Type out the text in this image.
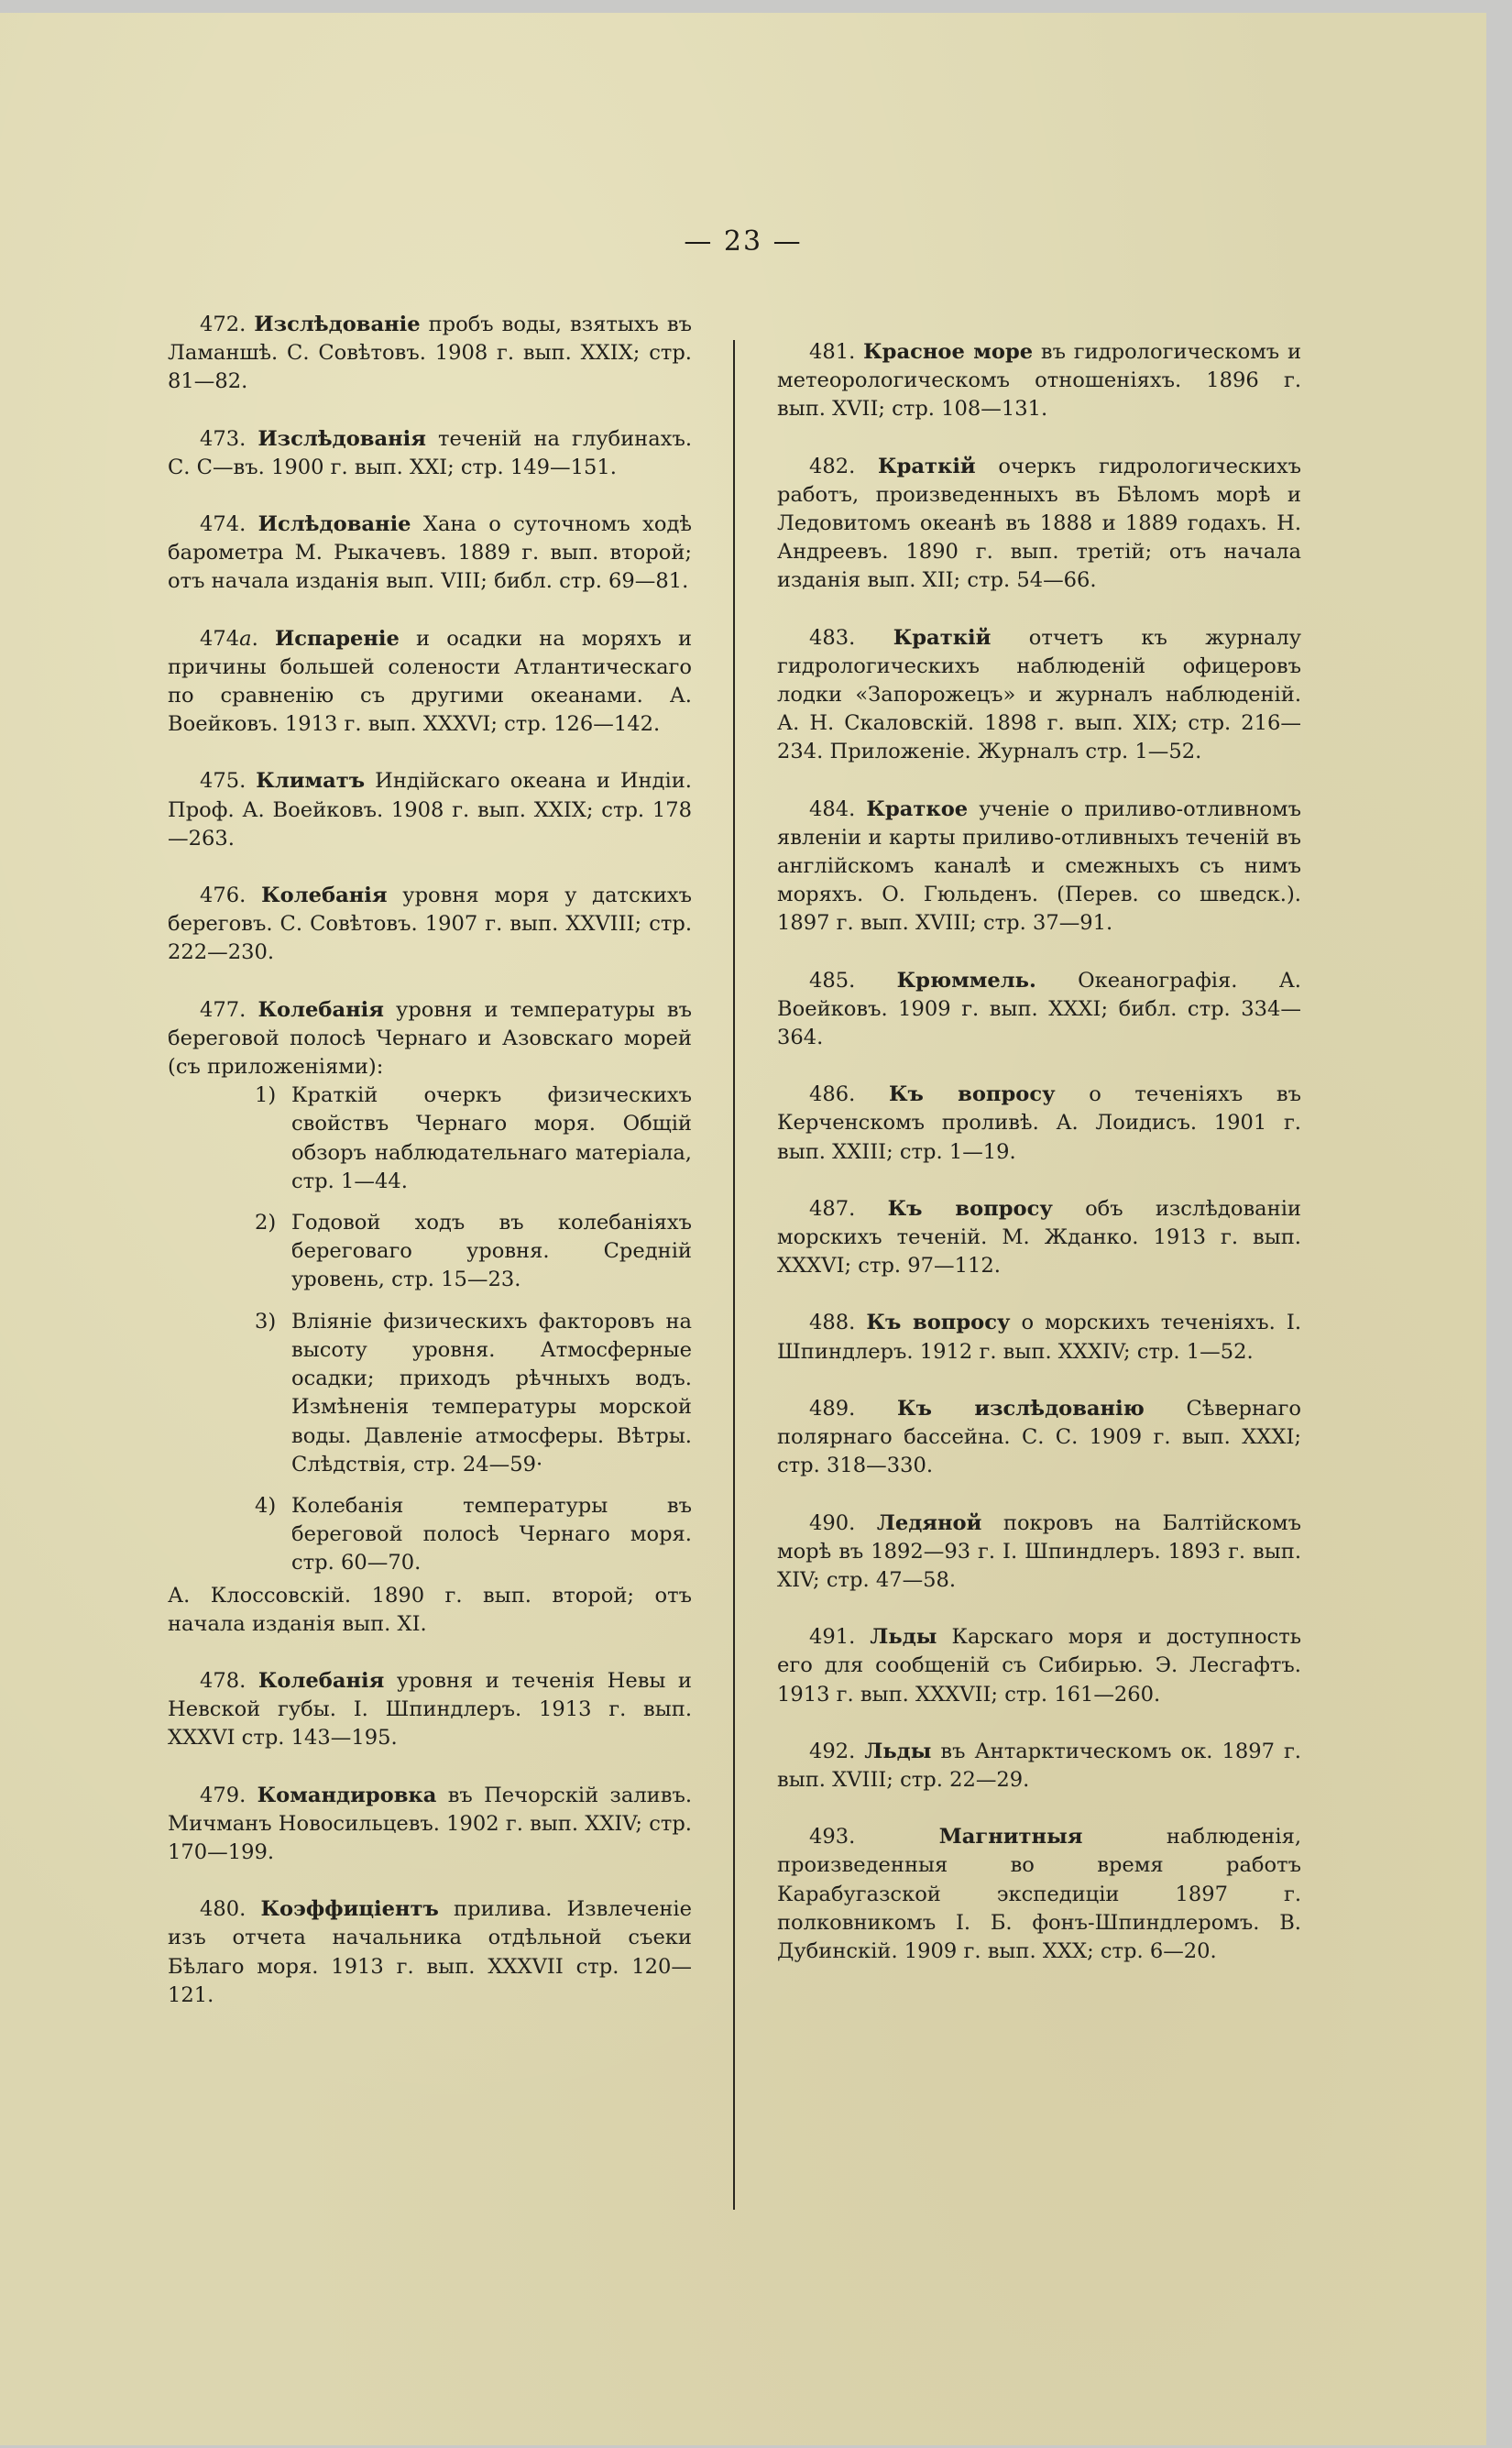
— 23 —
472. Изслѣдованіе пробъ воды, взятыхъ въ Ламаншѣ. С. Совѣтовъ. 1908 г. вып. XXIX; стр. 81—82.
473. Изслѣдованія теченій на глубинахъ. С. С—въ. 1900 г. вып. XXI; стр. 149—151.
474. Ислѣдованіе Хана о суточномъ ходѣ барометра М. Рыкачевъ. 1889 г. вып. второй; отъ начала изданія вып. VIII; библ. стр. 69—81.
474a. Испареніе и осадки на моряхъ и причины большей солености Атлантическаго по сравненію съ другими океанами. А. Воейковъ. 1913 г. вып. XXXVI; стр. 126—142.
475. Климатъ Индійскаго океана и Индіи. Проф. А. Воейковъ. 1908 г. вып. XXIX; стр. 178—263.
476. Колебанія уровня моря у датскихъ береговъ. С. Совѣтовъ. 1907 г. вып. XXVIII; стр. 222—230.
477. Колебанія уровня и температуры въ береговой полосѣ Чернаго и Азовскаго морей (съ приложеніями):
1) Краткій очеркъ физическихъ свойствъ Чернаго моря. Общій обзоръ наблюдательнаго матеріала, стр. 1—44.
2) Годовой ходъ въ колебаніяхъ береговаго уровня. Средній уровень, стр. 15—23.
3) Вліяніе физическихъ факторовъ на высоту уровня. Атмосферные осадки; приходъ рѣчныхъ водъ. Измѣненія температуры морской воды. Давленіе атмосферы. Вѣтры. Слѣдствія, стр. 24—59·
4) Колебанія температуры въ береговой полосѣ Чернаго моря. стр. 60—70.
А. Клоссовскій. 1890 г. вып. второй; отъ начала изданія вып. XI.
478. Колебанія уровня и теченія Невы и Невской губы. I. Шпиндлеръ. 1913 г. вып. XXXVI стр. 143—195.
479. Командировка въ Печорскій заливъ. Мичманъ Новосильцевъ. 1902 г. вып. XXIV; стр. 170—199.
480. Коэффиціентъ прилива. Извлеченіе изъ отчета начальника отдѣльной съеки Бѣлаго моря. 1913 г. вып. XXXVII стр. 120—121.
481. Красное море въ гидрологическомъ и метеорологическомъ отношеніяхъ. 1896 г. вып. XVII; стр. 108—131.
482. Краткій очеркъ гидрологическихъ работъ, произведенныхъ въ Бѣломъ морѣ и Ледовитомъ океанѣ въ 1888 и 1889 годахъ. Н. Андреевъ. 1890 г. вып. третій; отъ начала изданія вып. XII; стр. 54—66.
483. Краткій отчетъ къ журналу гидрологическихъ наблюденій офицеровъ лодки «Запорожецъ» и журналъ наблюденій. А. Н. Скаловскій. 1898 г. вып. XIX; стр. 216—234. Приложеніе. Журналъ стр. 1—52.
484. Краткое ученіе о приливо-отливномъ явленіи и карты приливо-отливныхъ теченій въ англійскомъ каналѣ и смежныхъ съ нимъ моряхъ. О. Гюльденъ. (Перев. со шведск.). 1897 г. вып. XVIII; стр. 37—91.
485. Крюммель. Океанографія. А. Воейковъ. 1909 г. вып. XXXI; библ. стр. 334—364.
486. Къ вопросу о теченіяхъ въ Керченскомъ проливѣ. А. Лоидисъ. 1901 г. вып. XXIII; стр. 1—19.
487. Къ вопросу объ изслѣдованіи морскихъ теченій. М. Жданко. 1913 г. вып. XXXVI; стр. 97—112.
488. Къ вопросу о морскихъ теченіяхъ. I. Шпиндлеръ. 1912 г. вып. XXXIV; стр. 1—52.
489. Къ изслѣдованію Сѣвернаго полярнаго бассейна. С. С. 1909 г. вып. XXXI; стр. 318—330.
490. Ледяной покровъ на Балтійскомъ морѣ въ 1892—93 г. I. Шпиндлеръ. 1893 г. вып. XIV; стр. 47—58.
491. Льды Карскаго моря и доступность его для сообщеній съ Сибирью. Э. Лесгафтъ. 1913 г. вып. XXXVII; стр. 161—260.
492. Льды въ Антарктическомъ ок. 1897 г. вып. XVIII; стр. 22—29.
493.	Магнитныя наблюденія, произведенныя во время работъ Карабугазской экспедиціи 1897 г. полковникомъ I. Б. фонъ-Шпиндлеромъ. В. Дубинскій. 1909 г. вып. XXX; стр. 6—20.
